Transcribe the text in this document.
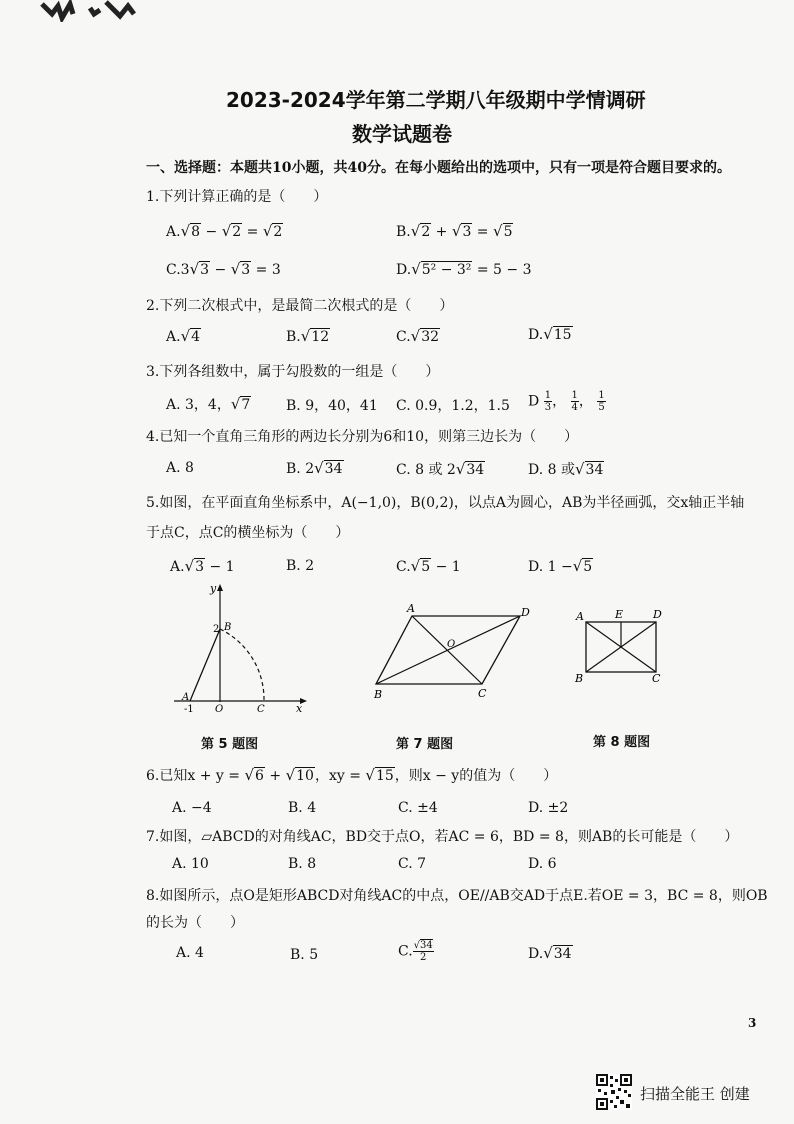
2023-2024学年第二学期八年级期中学情调研
数学试题卷
一、选择题：本题共10小题，共40分。在每小题给出的选项中，只有一项是符合题目要求的。
1.下列计算正确的是（　　）
A.√8 − √2 = √2	B.√2 + √3 = √5
C.3√3 − √3 = 3	D.√5² − 3² = 5 − 3
2.下列二次根式中，是最简二次根式的是（　　）
A.√4	B.√12	C.√32	D.√15
3.下列各组数中，属于勾股数的一组是（　　）
A. 3，4，√7	B. 9，40，41 C. 0.9，1.2，1.5 D $\frac{1}{3}$ ， $\frac{1}{4}$ ， $\frac{1}{5}$
4.已知一个直角三角形的两边长分别为6和10，则第三边长为（　　）
A. 8	B. 2√34	C. 8 或 2√34	D. 8 或√34
5.如图，在平面直角坐标系中，A(−1,0)，B(0,2)，以点A为圆心，AB为半径画弧，交x轴正半轴
于点C，点C的横坐标为（　　）
A.√3 − 1	B. 2	C.√5 − 1	D. 1 −√5
y
x
2 B
A
-1 O	C
第 5 题图
A	D
O
B	C
第 7 题图
A	E	D
B	C
第 8 题图
6.已知x + y = √6 + √10，xy = √15，则x − y的值为（　　）
A. −4	B. 4	C. ±4	D. ±2
7.如图，▱ABCD的对角线AC，BD交于点O，若AC = 6，BD = 8，则AB的长可能是（　　）
A. 10	B. 8	C. 7	D. 6
8.如图所示，点O是矩形ABCD对角线AC的中点，OE//AB交AD于点E.若OE = 3，BC = 8，则OB
的长为（　　）
A. 4	B. 5	C. $\frac{√34}{2}$	D.√34
3
扫描全能王 创建
